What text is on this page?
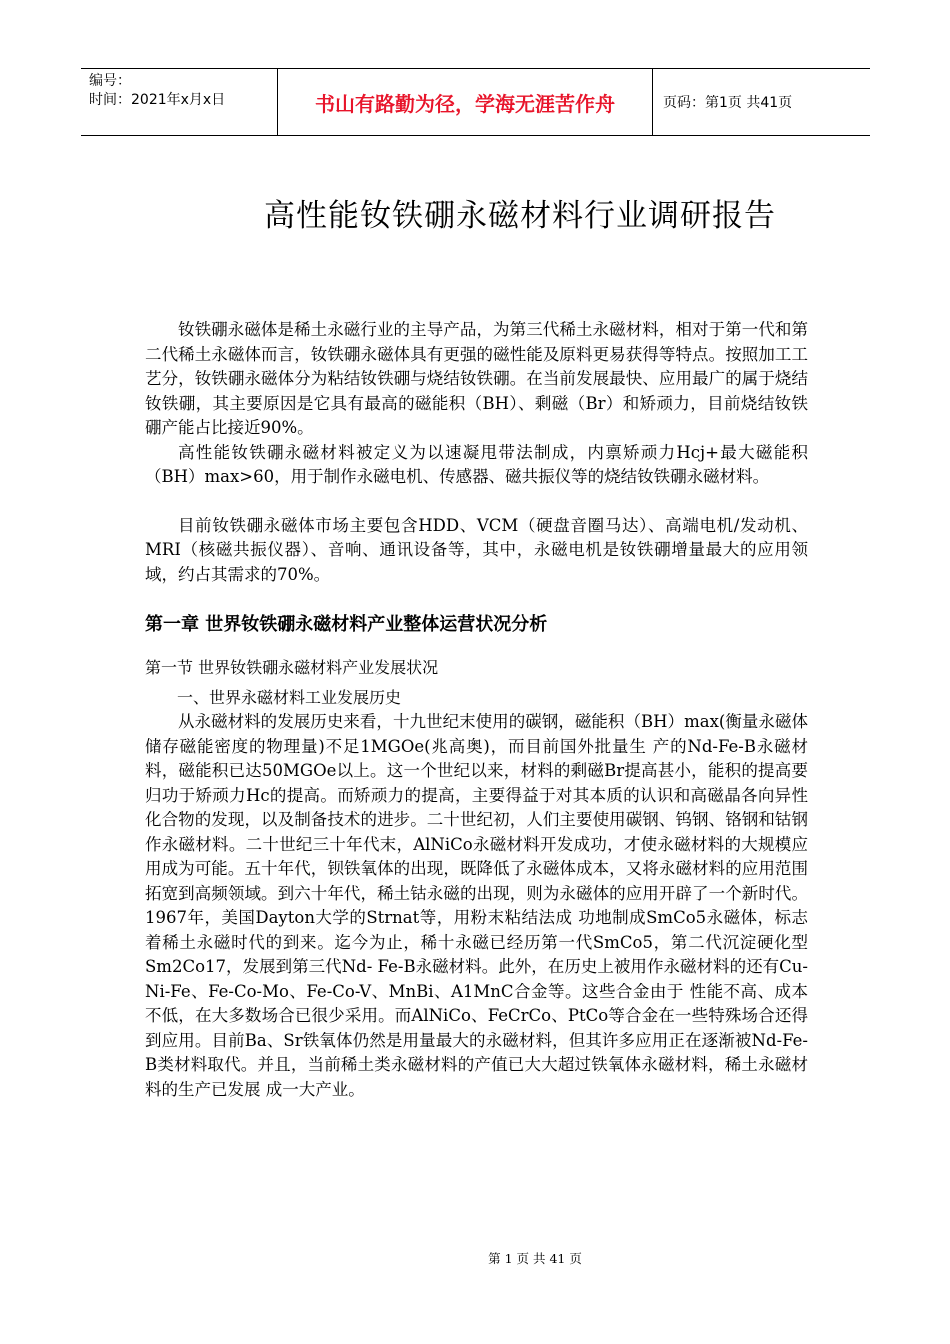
编号：
时间：2021年x月x日	书山有路勤为径，学海无涯苦作舟	页码：第1页 共41页
高性能钕铁硼永磁材料行业调研报告

钕铁硼永磁体是稀土永磁行业的主导产品，为第三代稀土永磁材料，相对于第一代和第二代稀土永磁体而言，钕铁硼永磁体具有更强的磁性能及原料更易获得等特点。按照加工工艺分，钕铁硼永磁体分为粘结钕铁硼与烧结钕铁硼。在当前发展最快、应用最广的属于烧结钕铁硼，其主要原因是它具有最高的磁能积（BH）、剩磁（Br）和矫顽力，目前烧结钕铁硼产能占比接近90%。

高性能钕铁硼永磁材料被定义为以速凝甩带法制成，内禀矫顽力Hcj+最大磁能积（BH）max>60，用于制作永磁电机、传感器、磁共振仪等的烧结钕铁硼永磁材料。

目前钕铁硼永磁体市场主要包含HDD、VCM（硬盘音圈马达）、高端电机/发动机、MRI（核磁共振仪器）、音响、通讯设备等，其中，永磁电机是钕铁硼增量最大的应用领域，约占其需求的70%。

第一章 世界钕铁硼永磁材料产业整体运营状况分析
第一节 世界钕铁硼永磁材料产业发展状况
一、世界永磁材料工业发展历史

从永磁材料的发展历史来看，十九世纪末使用的碳钢，磁能积（BH）max(衡量永磁体储存磁能密度的物理量)不足1MGOe(兆高奥)，而目前国外批量生 产的Nd-Fe-B永磁材料，磁能积已达50MGOe以上。这一个世纪以来，材料的剩磁Br提高甚小，能积的提高要归功于矫顽力Hc的提高。而矫顽力的提高，主要得益于对其本质的认识和高磁晶各向异性化合物的发现，以及制备技术的进步。二十世纪初，人们主要使用碳钢、钨钢、铬钢和钴钢作永磁材料。二十世纪三十年代末，AlNiCo永磁材料开发成功，才使永磁材料的大规模应用成为可能。五十年代，钡铁氧体的出现，既降低了永磁体成本，又将永磁材料的应用范围拓宽到高频领域。到六十年代，稀土钴永磁的出现，则为永磁体的应用开辟了一个新时代。1967年，美国Dayton大学的Strnat等，用粉末粘结法成 功地制成SmCo5永磁体，标志着稀土永磁时代的到来。迄今为止，稀十永磁已经历第一代SmCo5，第二代沉淀硬化型Sm2Co17，发展到第三代Nd- Fe-B永磁材料。此外，在历史上被用作永磁材料的还有Cu-Ni-Fe、Fe-Co-Mo、Fe-Co-V、MnBi、A1MnC合金等。这些合金由于 性能不高、成本不低，在大多数场合已很少采用。而AlNiCo、FeCrCo、PtCo等合金在一些特殊场合还得到应用。目前Ba、Sr铁氧体仍然是用量最大的永磁材料，但其许多应用正在逐渐被Nd-Fe-B类材料取代。并且，当前稀土类永磁材料的产值已大大超过铁氧体永磁材料，稀土永磁材料的生产已发展 成一大产业。

第 1 页 共 41 页
